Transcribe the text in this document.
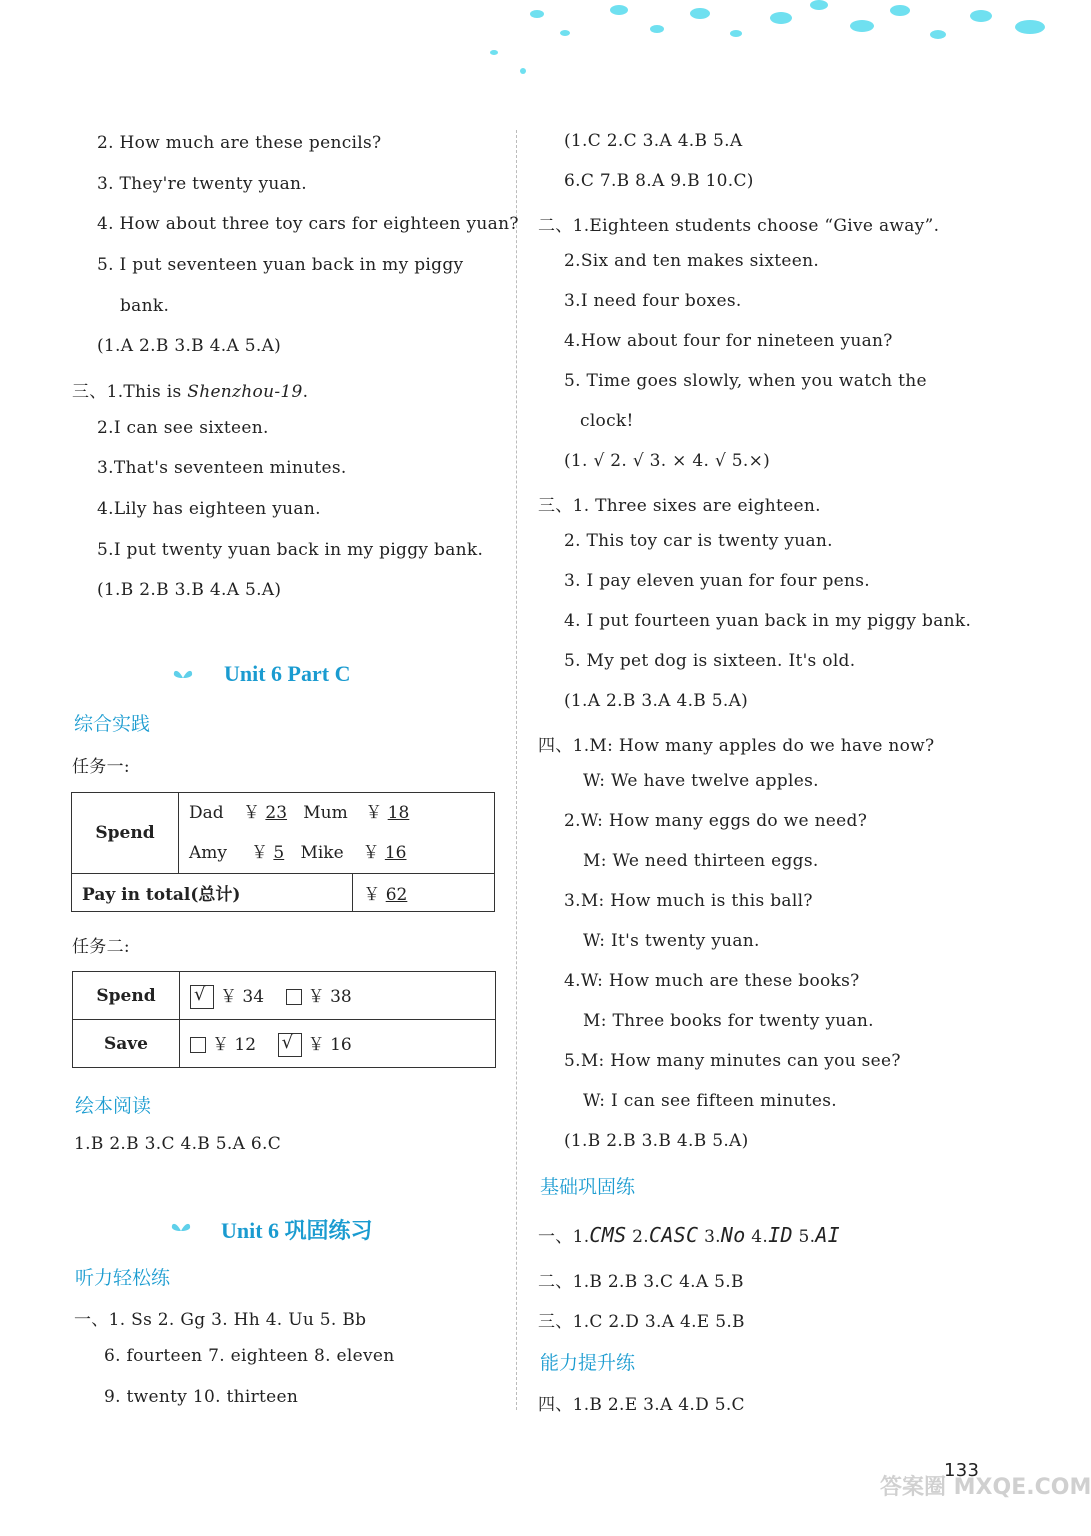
2. How much are these pencils?
3. They're twenty yuan.
4. How about three toy cars for eighteen yuan?
5. I put seventeen yuan back in my piggy
bank.
(1.A 2.B 3.B 4.A 5.A)
三、1.This is Shenzhou-19.
2.I can see sixteen.
3.That's seventeen minutes.
4.Lily has eighteen yuan.
5.I put twenty yuan back in my piggy bank.
(1.B 2.B 3.B 4.A 5.A)
Unit 6 Part C
综合实践
任务一:
Spend	Dad ￥ 23 Mum ￥ 18
Amy ￥ 5 Mike ￥ 16	

Pay in total(总计)		￥ 62
任务二:
Spend	√ ￥ 34 ￥ 38
Save	￥ 12 √ ￥ 16
绘本阅读
1.B 2.B 3.C 4.B 5.A 6.C
Unit 6 巩固练习
听力轻松练
一、1. Ss 2. Gg 3. Hh 4. Uu 5. Bb
6. fourteen 7. eighteen 8. eleven
9. twenty 10. thirteen
(1.C 2.C 3.A 4.B 5.A
6.C 7.B 8.A 9.B 10.C)
二、1.Eighteen students choose “Give away”.
2.Six and ten makes sixteen.
3.I need four boxes.
4.How about four for nineteen yuan?
5. Time goes slowly, when you watch the
clock!
(1. √ 2. √ 3. × 4. √ 5.×)
三、1. Three sixes are eighteen.
2. This toy car is twenty yuan.
3. I pay eleven yuan for four pens.
4. I put fourteen yuan back in my piggy bank.
5. My pet dog is sixteen. It's old.
(1.A 2.B 3.A 4.B 5.A)
四、1.M: How many apples do we have now?
W: We have twelve apples.
2.W: How many eggs do we need?
M: We need thirteen eggs.
3.M: How much is this ball?
W: It's twenty yuan.
4.W: How much are these books?
M: Three books for twenty yuan.
5.M: How many minutes can you see?
W: I can see fifteen minutes.
(1.B 2.B 3.B 4.B 5.A)
基础巩固练
一、1.CMS 2.CASC 3.No 4.ID 5.AI
二、1.B 2.B 3.C 4.A 5.B
三、1.C 2.D 3.A 4.E 5.B
能力提升练
四、1.B 2.E 3.A 4.D 5.C
133
答案圈 MXQE.COM
